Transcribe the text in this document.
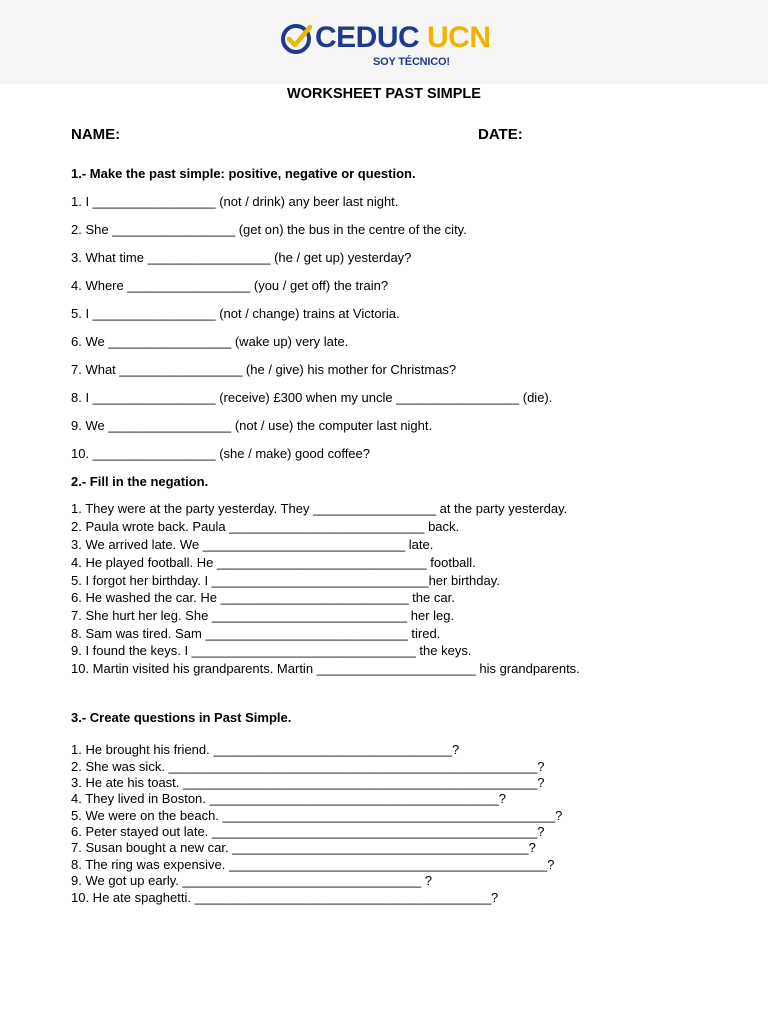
CEDUC UCN
SOY TÉCNICO!
WORKSHEET PAST SIMPLE
NAME:	DATE:
1.- Make the past simple: positive, negative or question.
1. I _________________ (not / drink) any beer last night.
2. She _________________ (get on) the bus in the centre of the city.
3. What time _________________ (he / get up) yesterday?
4. Where _________________ (you / get off) the train?
5. I _________________ (not / change) trains at Victoria.
6. We _________________ (wake up) very late.
7. What _________________ (he / give) his mother for Christmas?
8. I _________________ (receive) £300 when my uncle _________________ (die).
9. We _________________ (not / use) the computer last night.
10. _________________ (she / make) good coffee?
2.- Fill in the negation.
1. They were at the party yesterday. They _________________ at the party yesterday.
2. Paula wrote back. Paula ___________________________ back.
3. We arrived late. We ____________________________ late.
4. He played football. He _____________________________ football.
5. I forgot her birthday. I ______________________________her birthday.
6. He washed the car. He __________________________ the car.
7. She hurt her leg. She ___________________________ her leg.
8. Sam was tired. Sam ____________________________ tired.
9. I found the keys. I _______________________________ the keys.
10. Martin visited his grandparents. Martin ______________________ his grandparents.
3.- Create questions in Past Simple.
1. He brought his friend. _________________________________?
2. She was sick. ___________________________________________________?
3. He ate his toast. _________________________________________________?
4. They lived in Boston. ________________________________________?
5. We were on the beach. ______________________________________________?
6. Peter stayed out late. _____________________________________________?
7. Susan bought a new car. _________________________________________?
8. The ring was expensive. ____________________________________________?
9. We got up early. _________________________________ ?
10. He ate spaghetti. _________________________________________?
